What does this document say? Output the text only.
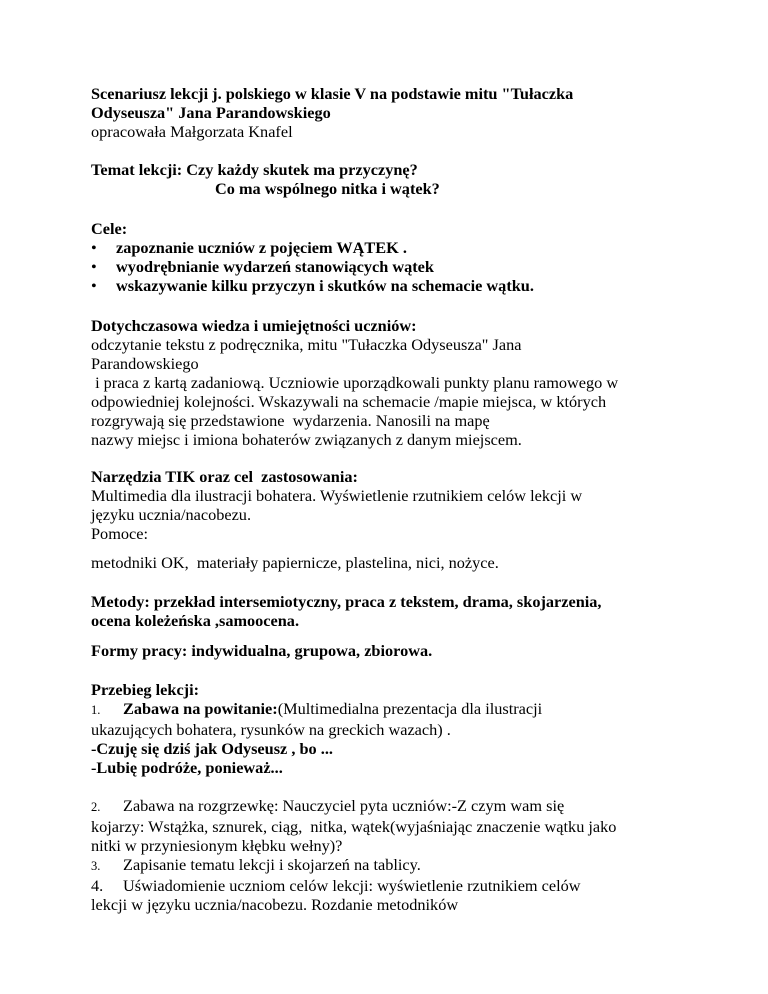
Scenariusz lekcji j. polskiego w klasie V na podstawie mitu "Tułaczka
Odyseusza" Jana Parandowskiego
opracowała Małgorzata Knafel
Temat lekcji: Czy każdy skutek ma przyczynę?
Co ma wspólnego nitka i wątek?
Cele:
•	zapoznanie uczniów z pojęciem WĄTEK .
•	wyodrębnianie wydarzeń stanowiących wątek
•	wskazywanie kilku przyczyn i skutków na schemacie wątku.
Dotychczasowa wiedza i umiejętności uczniów:
odczytanie tekstu z podręcznika, mitu "Tułaczka Odyseusza" Jana
Parandowskiego
i praca z kartą zadaniową. Uczniowie uporządkowali punkty planu ramowego w
odpowiedniej kolejności. Wskazywali na schemacie /mapie miejsca, w których
rozgrywają się przedstawione  wydarzenia. Nanosili na mapę
nazwy miejsc i imiona bohaterów związanych z danym miejscem.
Narzędzia TIK oraz cel  zastosowania:
Multimedia dla ilustracji bohatera. Wyświetlenie rzutnikiem celów lekcji w
języku ucznia/nacobezu.
Pomoce:
metodniki OK,  materiały papiernicze, plastelina, nici, nożyce.
Metody: przekład intersemiotyczny, praca z tekstem, drama, skojarzenia,
ocena koleżeńska ,samoocena.
Formy pracy: indywidualna, grupowa, zbiorowa.
Przebieg lekcji:
1. Zabawa na powitanie:(Multimedialna prezentacja dla ilustracji
ukazujących bohatera, rysunków na greckich wazach) .
-Czuję się dziś jak Odyseusz , bo ...
-Lubię podróże, ponieważ...
2. Zabawa na rozgrzewkę: Nauczyciel pyta uczniów:-Z czym wam się
kojarzy: Wstążka, sznurek, ciąg,  nitka, wątek(wyjaśniając znaczenie wątku jako
nitki w przyniesionym kłębku wełny)?
3. Zapisanie tematu lekcji i skojarzeń na tablicy.
4. Uświadomienie uczniom celów lekcji: wyświetlenie rzutnikiem celów
lekcji w języku ucznia/nacobezu. Rozdanie metodników
